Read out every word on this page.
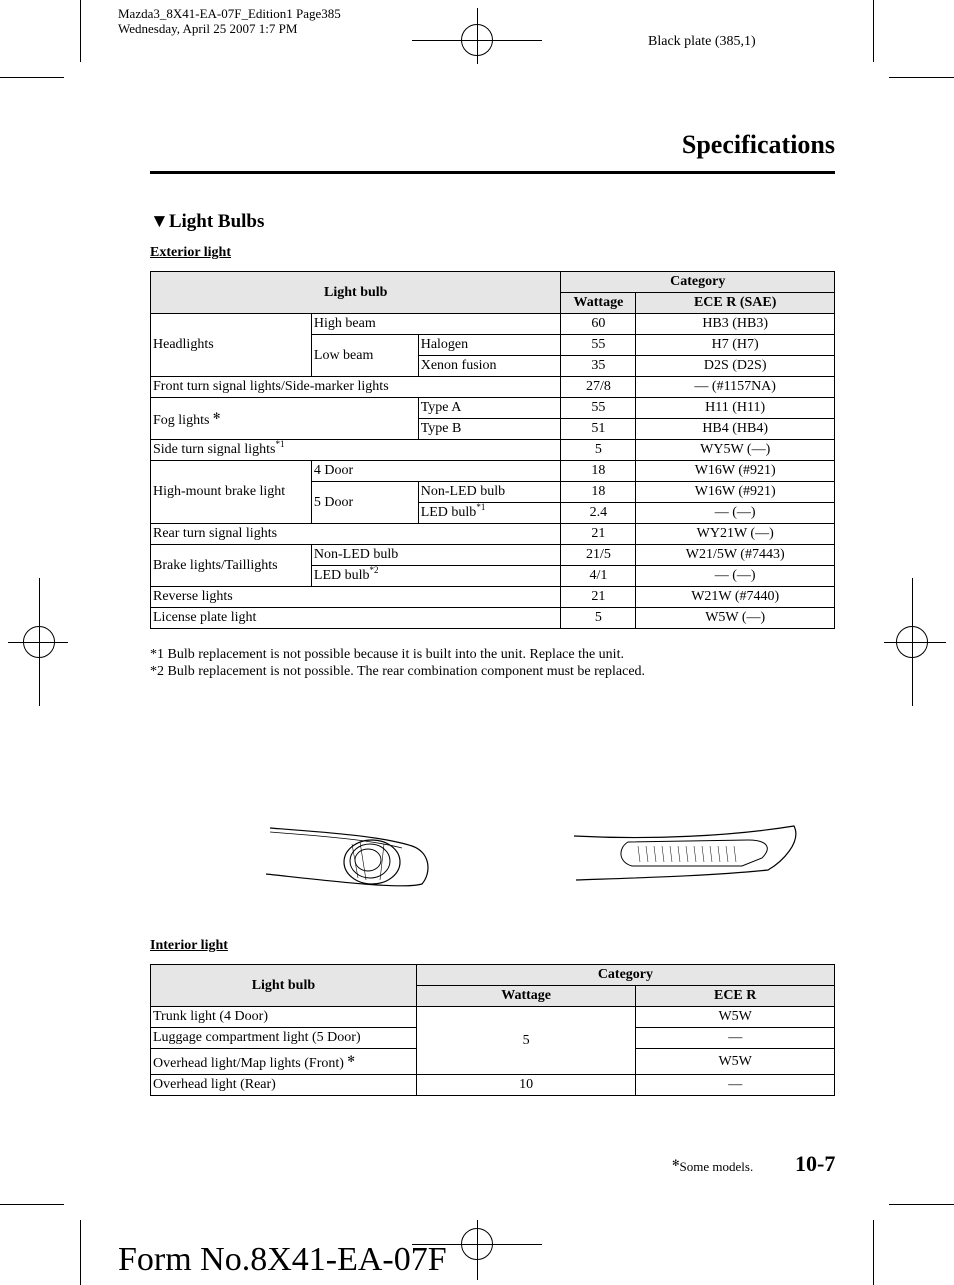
Mazda3_8X41-EA-07F_Edition1 Page385
Wednesday, April 25 2007 1:7 PM
Black plate (385,1)
Specifications
▼Light Bulbs
Exterior light
Light bulb			Category	
			Wattage	ECE R (SAE)
Headlights	High beam		60	HB3 (HB3)
	Low beam	Halogen	55	H7 (H7)
		Xenon fusion	35	D2S (D2S)
Front turn signal lights/Side-marker lights			27/8	— (#1157NA)
Fog lights ✻		Type A	55	H11 (H11)
		Type B	51	HB4 (HB4)
Side turn signal lights$^{*1}$			5	WY5W (—)
High-mount brake light	4 Door		18	W16W (#921)
	5 Door	Non-LED bulb	18	W16W (#921)
		LED bulb$^{*1}$	2.4	— (—)
Rear turn signal lights			21	WY21W (—)
Brake lights/Taillights	Non-LED bulb		21/5	W21/5W (#7443)
	LED bulb$^{*2}$		4/1	— (—)
Reverse lights			21	W21W (#7440)
License plate light			5	W5W (—)
*1 Bulb replacement is not possible because it is built into the unit. Replace the unit.
*2 Bulb replacement is not possible. The rear combination component must be replaced.
Interior light
Light bulb	Category	
	Wattage	ECE R
Trunk light (4 Door)	5	W5W
Luggage compartment light (5 Door)		—
Overhead light/Map lights (Front) ✻		W5W
Overhead light (Rear)	10	—
✻Some models. 10-7
Form No.8X41-EA-07F
